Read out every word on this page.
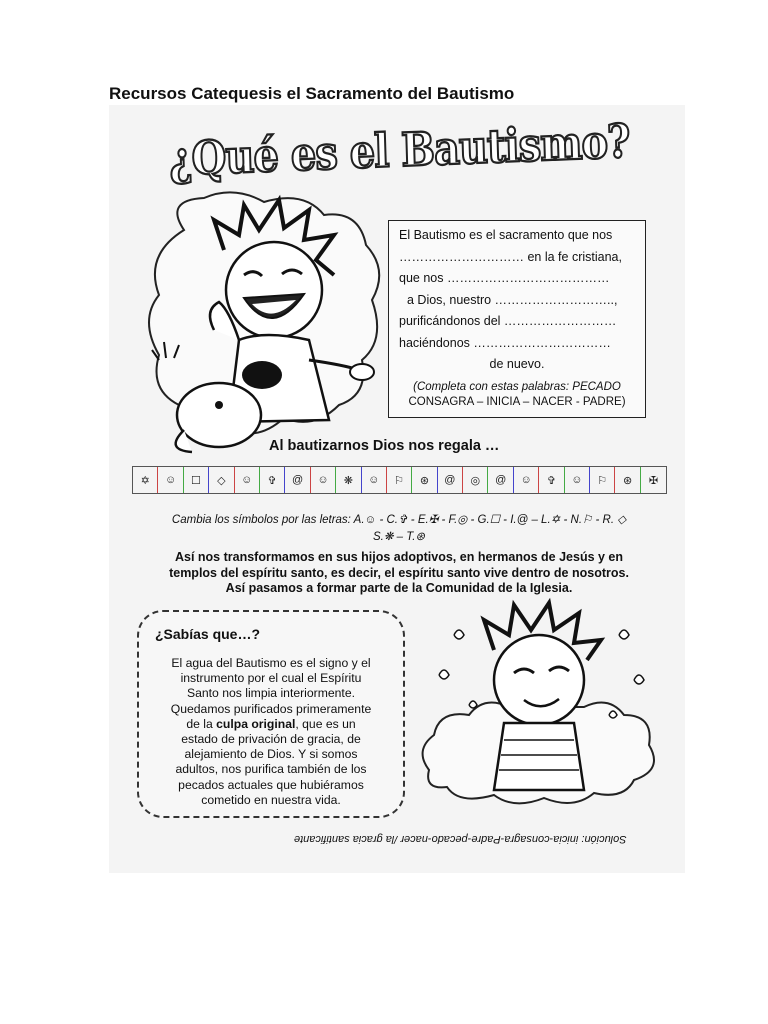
Recursos Catequesis el Sacramento del Bautismo
¿Qué es el Bautismo?
El Bautismo es el sacramento que nos
………………………… en la fe cristiana,
que nos …………………………………
a Dios, nuestro ………………………..,
purificándonos del ………………………
haciéndonos ……………………………
de nuevo.
(Completa con estas palabras: PECADO
CONSAGRA – INICIA – NACER - PADRE)
Al bautizarnos Dios nos regala …
✡	☺	☐	◇	☺	✞	@	☺	❋	☺	⚐	⊛	@	◎	@	☺	✞	☺	⚐	⊛	✠
Cambia los símbolos por las letras: A.☺ - C.✞ - E.✠ - F.◎ - G.☐ - I.@ – L.✡ - N.⚐ - R. ◇
S.❋ – T.⊛
Así nos transformamos en sus hijos adoptivos, en hermanos de Jesús y en
templos del espíritu santo, es decir, el espíritu santo vive dentro de nosotros.
Así pasamos a formar parte de la Comunidad de la Iglesia.
¿Sabías que…?
El agua del Bautismo es el signo y el
instrumento por el cual el Espíritu
Santo nos limpia interiormente.
Quedamos purificados primeramente
de la culpa original, que es un
estado de privación de gracia, de
alejamiento de Dios. Y si somos
adultos, nos purifica también de los
pecados actuales que hubiéramos
cometido en nuestra vida.
Solución: inicia-consagra-Padre-pecado-nacer /la gracia santificante
